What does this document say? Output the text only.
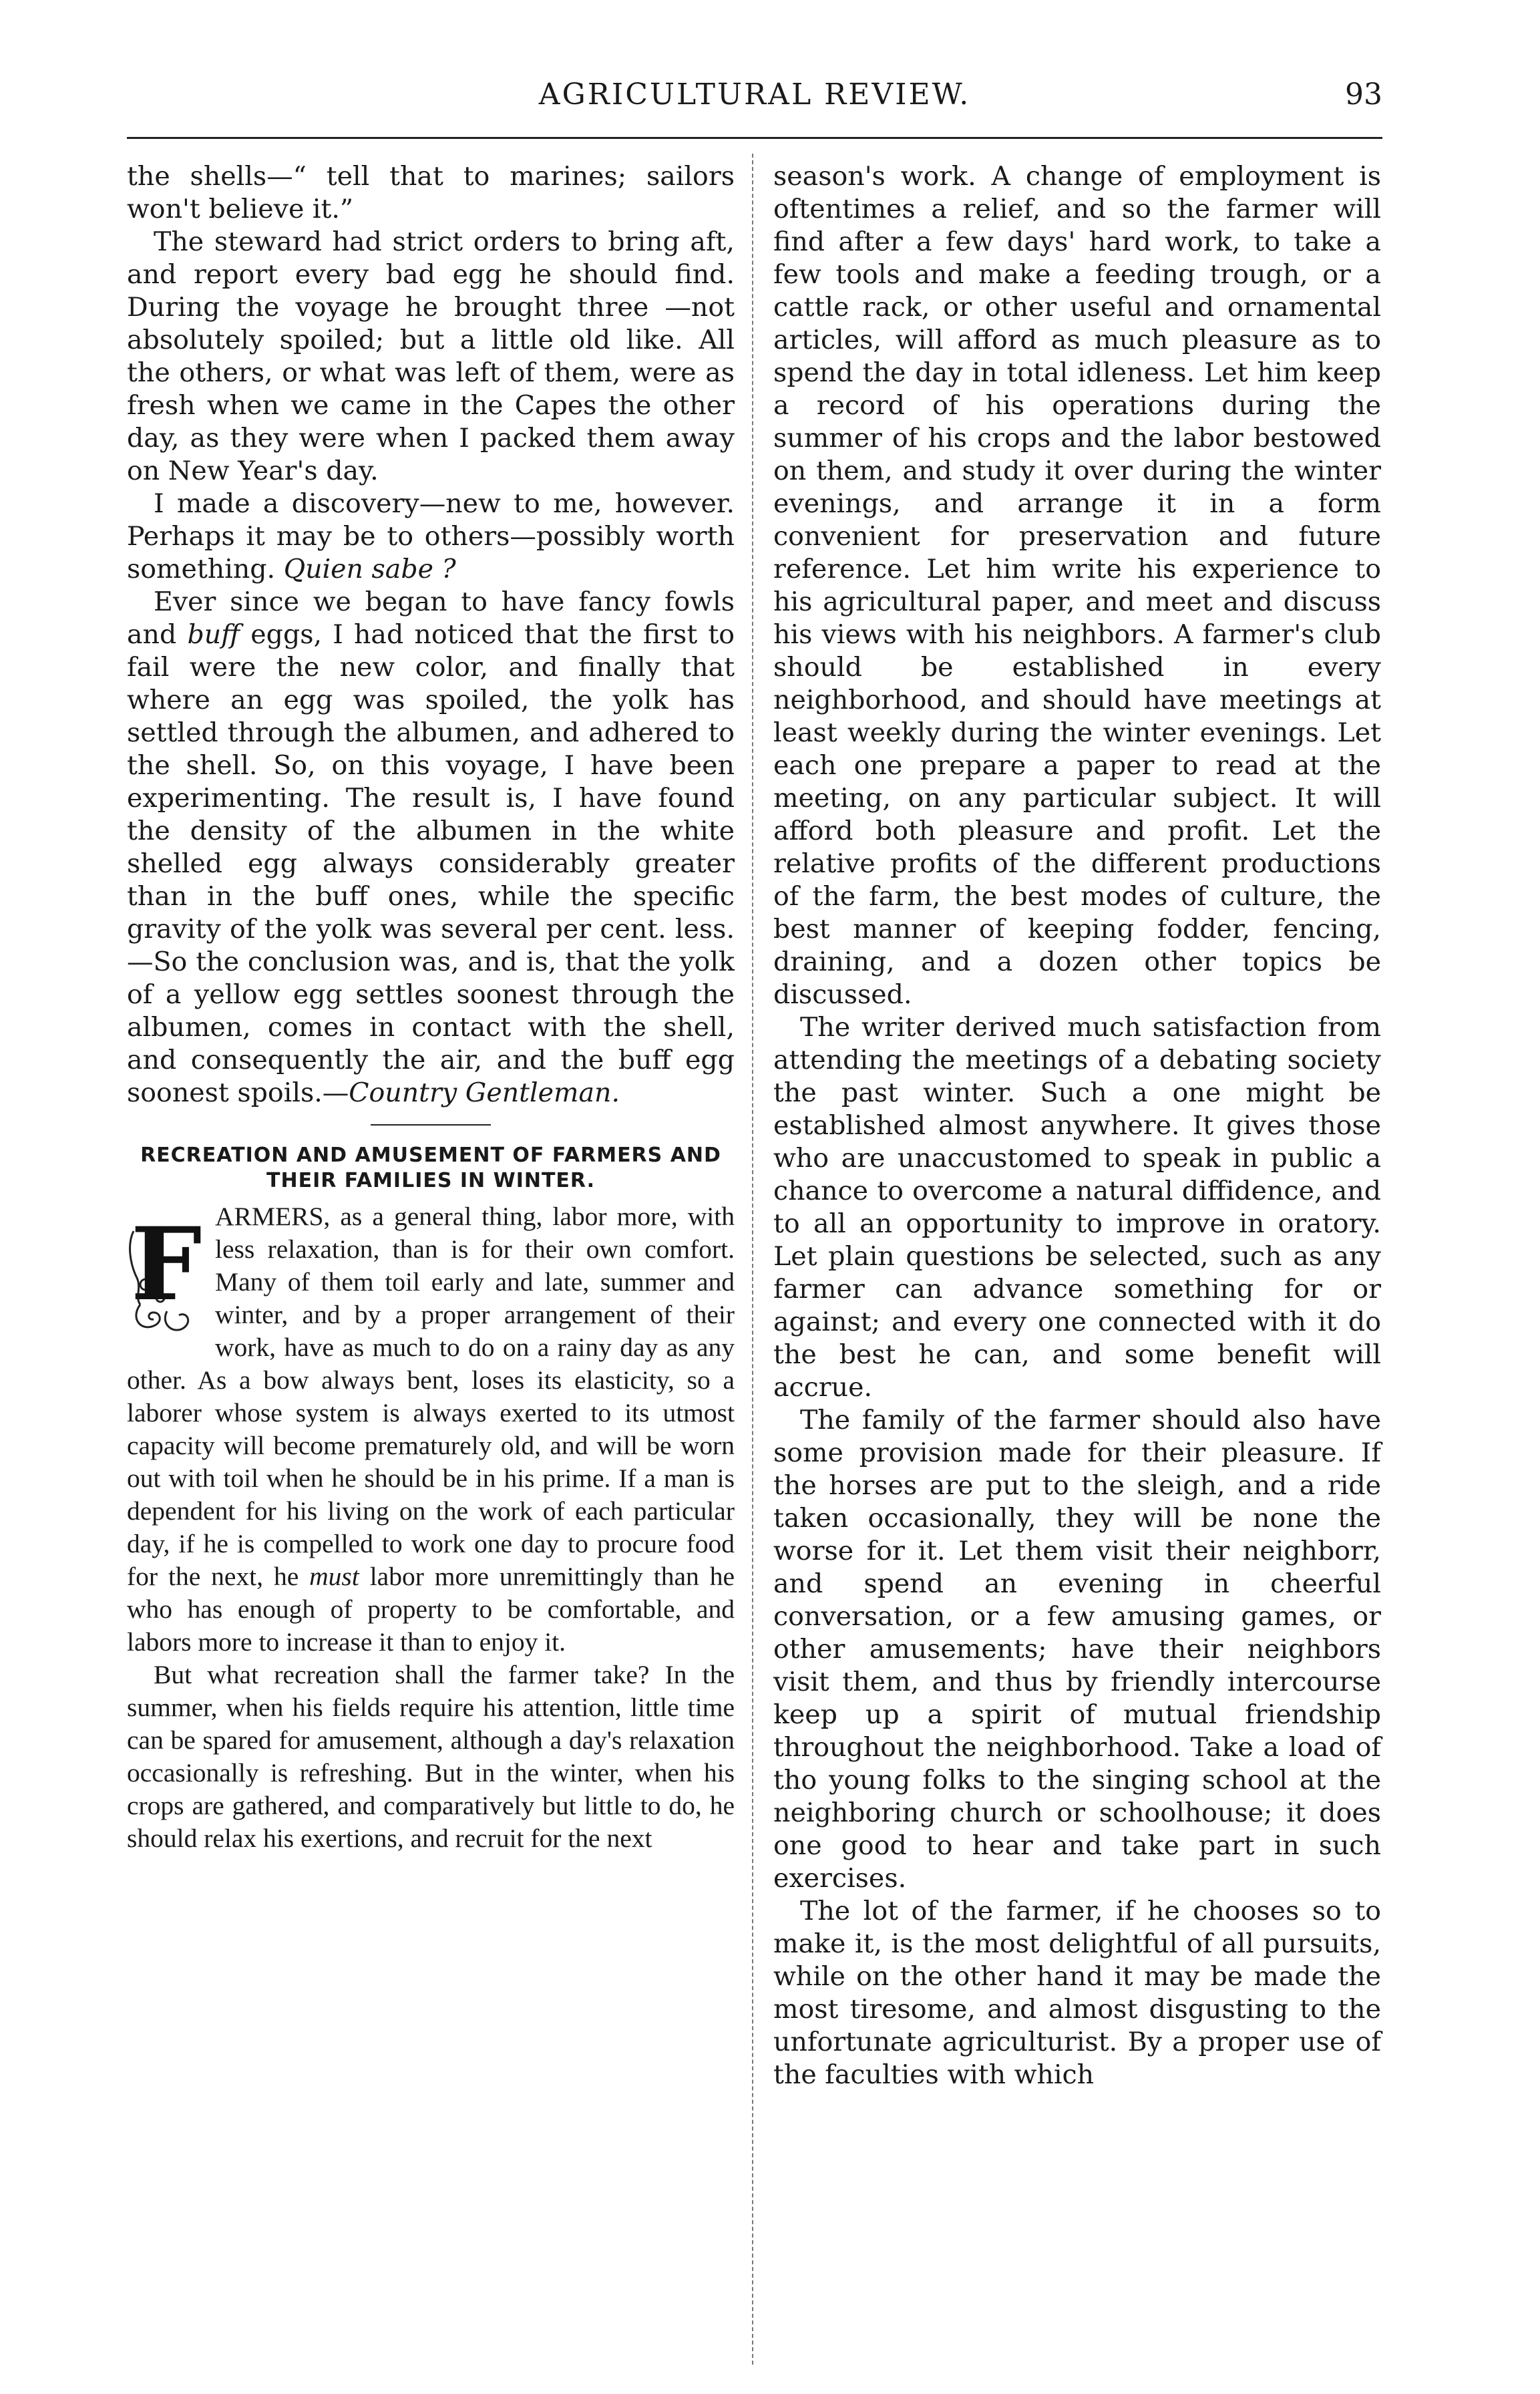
AGRICULTURAL REVIEW.	93

the shells—“ tell that to marines; sailors won't believe it.”

The steward had strict orders to bring aft, and report every bad egg he should find. During the voyage he brought three —not absolutely spoiled; but a little old like. All the others, or what was left of them, were as fresh when we came in the Capes the other day, as they were when I packed them away on New Year's day.

I made a discovery—new to me, however. Perhaps it may be to others—possibly worth something. Quien sabe ?

Ever since we began to have fancy fowls and buff eggs, I had noticed that the first to fail were the new color, and finally that where an egg was spoiled, the yolk has settled through the albumen, and adhered to the shell. So, on this voyage, I have been experimenting. The result is, I have found the density of the albumen in the white shelled egg always considerably greater than in the buff ones, while the specific gravity of the yolk was several per cent. less.—So the conclusion was, and is, that the yolk of a yellow egg settles soonest through the albumen, comes in contact with the shell, and consequently the air, and the buff egg soonest spoils.—Country Gentleman.

RECREATION AND AMUSEMENT OF FARMERS AND THEIR FAMILIES IN WINTER.

F ARMERS, as a general thing, labor more, with less relaxation, than is for their own comfort. Many of them toil early and late, summer and winter, and by a proper arrangement of their work, have as much to do on a rainy day as any other. As a bow always bent, loses its elasticity, so a laborer whose system is always exerted to its utmost capacity will become prematurely old, and will be worn out with toil when he should be in his prime. If a man is dependent for his living on the work of each particular day, if he is compelled to work one day to procure food for the next, he must labor more unremittingly than he who has enough of property to be comfortable, and labors more to increase it than to enjoy it.

But what recreation shall the farmer take? In the summer, when his fields require his attention, little time can be spared for amusement, although a day's relaxation occasionally is refreshing. But in the winter, when his crops are gathered, and comparatively but little to do, he should relax his exertions, and recruit for the next

season's work. A change of employment is oftentimes a relief, and so the farmer will find after a few days' hard work, to take a few tools and make a feeding trough, or a cattle rack, or other useful and ornamental articles, will afford as much pleasure as to spend the day in total idleness. Let him keep a record of his operations during the summer of his crops and the labor bestowed on them, and study it over during the winter evenings, and arrange it in a form convenient for preservation and future reference. Let him write his experience to his agricultural paper, and meet and discuss his views with his neighbors. A farmer's club should be established in every neighborhood, and should have meetings at least weekly during the winter evenings. Let each one prepare a paper to read at the meeting, on any particular subject. It will afford both pleasure and profit. Let the relative profits of the different productions of the farm, the best modes of culture, the best manner of keeping fodder, fencing, draining, and a dozen other topics be discussed.

The writer derived much satisfaction from attending the meetings of a debating society the past winter. Such a one might be established almost anywhere. It gives those who are unaccustomed to speak in public a chance to overcome a natural diffidence, and to all an opportunity to improve in oratory. Let plain questions be selected, such as any farmer can advance something for or against; and every one connected with it do the best he can, and some benefit will accrue.

The family of the farmer should also have some provision made for their pleasure. If the horses are put to the sleigh, and a ride taken occasionally, they will be none the worse for it. Let them visit their neighborr, and spend an evening in cheerful conversation, or a few amusing games, or other amusements; have their neighbors visit them, and thus by friendly intercourse keep up a spirit of mutual friendship throughout the neighborhood. Take a load of tho young folks to the singing school at the neighboring church or schoolhouse; it does one good to hear and take part in such exercises.

The lot of the farmer, if he chooses so to make it, is the most delightful of all pursuits, while on the other hand it may be made the most tiresome, and almost disgusting to the unfortunate agriculturist. By a proper use of the faculties with which
